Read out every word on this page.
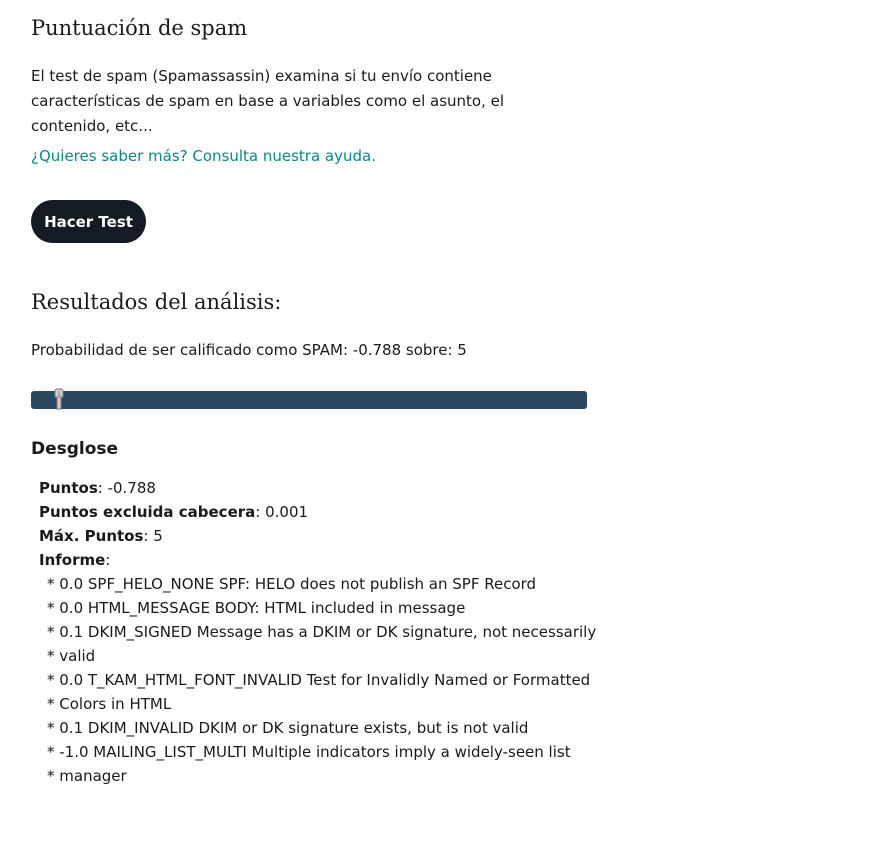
Puntuación de spam

El test de spam (Spamassassin) examina si tu envío contiene características de spam en base a variables como el asunto, el contenido, etc...

¿Quieres saber más? Consulta nuestra ayuda.
Hacer Test
Resultados del análisis:
Probabilidad de ser calificado como SPAM: -0.788 sobre: 5
Desglose
Puntos: -0.788
Puntos excluida cabecera: 0.001
Máx. Puntos: 5
Informe:
* 0.0 SPF_HELO_NONE SPF: HELO does not publish an SPF Record
* 0.0 HTML_MESSAGE BODY: HTML included in message
* 0.1 DKIM_SIGNED Message has a DKIM or DK signature, not necessarily
* valid
* 0.0 T_KAM_HTML_FONT_INVALID Test for Invalidly Named or Formatted
* Colors in HTML
* 0.1 DKIM_INVALID DKIM or DK signature exists, but is not valid
* -1.0 MAILING_LIST_MULTI Multiple indicators imply a widely-seen list
* manager
